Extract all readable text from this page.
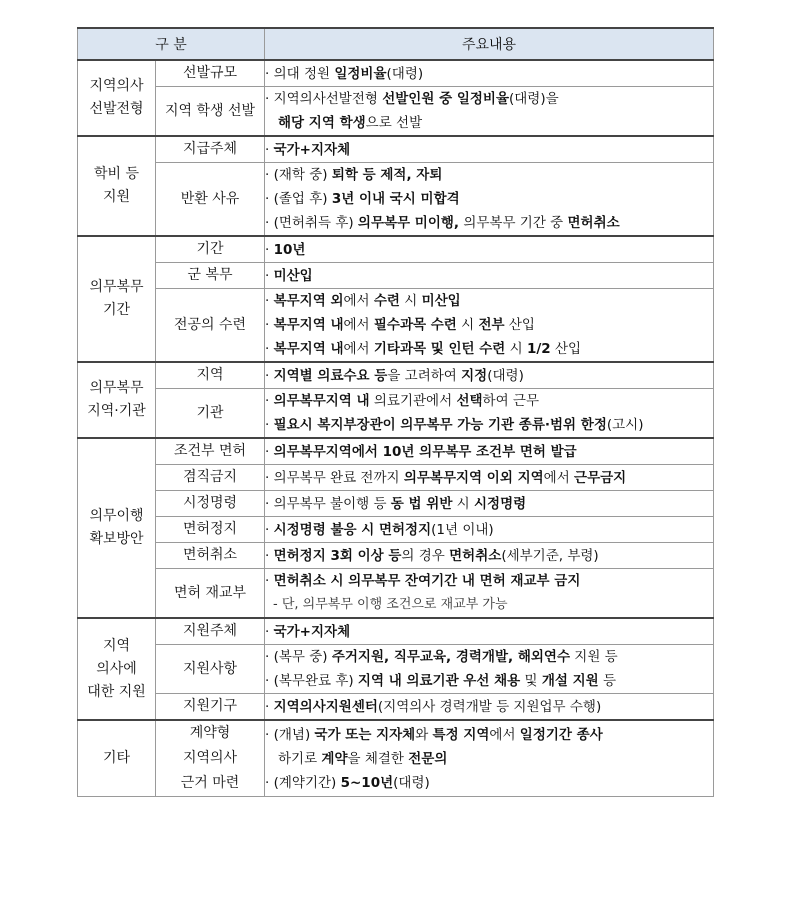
구 분		주요내용

지역의사
선발전형	선발규모	· 의대 정원 일정비율(대령)

	지역 학생 선발	· 지역의사선발전형 선발인원 중 일정비율(대령)을
해당 지역 학생으로 선발

학비 등
지원	지급주체	· 국가+지자체

	반환 사유	· (재학 중) 퇴학 등 제적, 자퇴
· (졸업 후) 3년 이내 국시 미합격
· (면허취득 후) 의무복무 미이행, 의무복무 기간 중 면허취소

의무복무
기간	기간	· 10년

	군 복무	· 미산입

	전공의 수련	· 복무지역 외에서 수련 시 미산입
· 복무지역 내에서 필수과목 수련 시 전부 산입
· 복무지역 내에서 기타과목 및 인턴 수련 시 1/2 산입

의무복무
지역·기관	지역	· 지역별 의료수요 등을 고려하여 지정(대령)

	기관	· 의무복무지역 내 의료기관에서 선택하여 근무
· 필요시 복지부장관이 의무복무 가능 기관 종류·범위 한정(고시)

의무이행
확보방안	조건부 면허	· 의무복무지역에서 10년 의무복무 조건부 면허 발급

	겸직금지	· 의무복무 완료 전까지 의무복무지역 이외 지역에서 근무금지

	시정명령	· 의무복무 불이행 등 동 법 위반 시 시정명령

	면허정지	· 시정명령 불응 시 면허정지(1년 이내)

	면허취소	· 면허정지 3회 이상 등의 경우 면허취소(세부기준, 부령)

	면허 재교부	· 면허취소 시 의무복무 잔여기간 내 면허 재교부 금지
- 단, 의무복무 이행 조건으로 재교부 가능

지역
의사에
대한 지원	지원주체	· 국가+지자체

	지원사항	· (복무 중) 주거지원, 직무교육, 경력개발, 해외연수 지원 등
· (복무완료 후) 지역 내 의료기관 우선 채용 및 개설 지원 등

	지원기구	· 지역의사지원센터(지역의사 경력개발 등 지원업무 수행)

기타	계약형
지역의사
근거 마련	· (개념) 국가 또는 지자체와 특정 지역에서 일정기간 종사
하기로 계약을 체결한 전문의
· (계약기간) 5~10년(대령)
